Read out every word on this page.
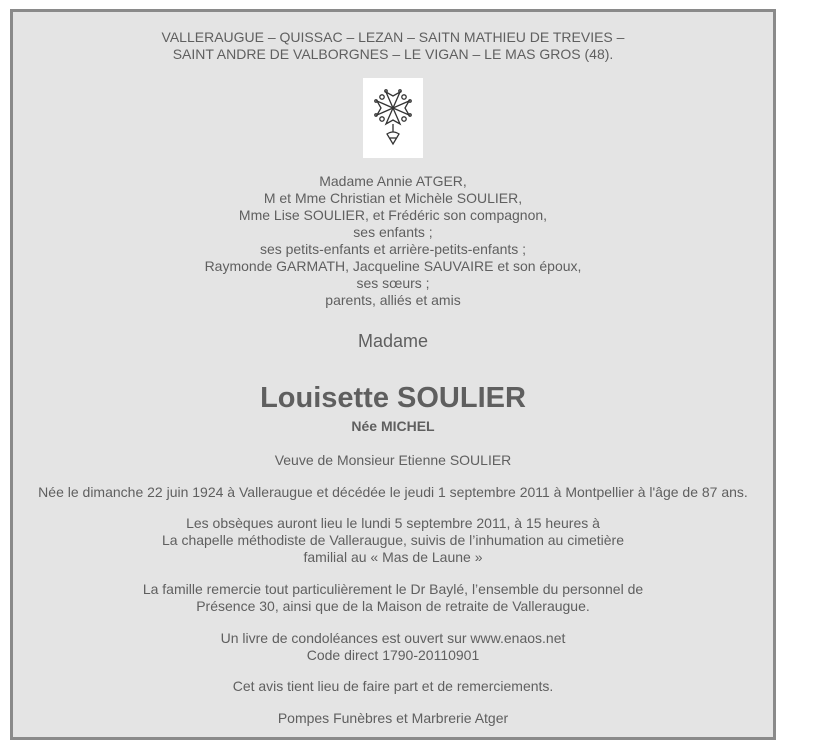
VALLERAUGUE – QUISSAC – LEZAN – SAITN MATHIEU DE TREVIES –
SAINT ANDRE DE VALBORGNES – LE VIGAN – LE MAS GROS (48).
Madame Annie ATGER,
M et Mme Christian et Michèle SOULIER,
Mme Lise SOULIER, et Frédéric son compagnon,
ses enfants ;
ses petits-enfants et arrière-petits-enfants ;
Raymonde GARMATH, Jacqueline SAUVAIRE et son époux,
ses sœurs ;
parents, alliés et amis
Madame
Louisette SOULIER
Née MICHEL
Veuve de Monsieur Etienne SOULIER
Née le dimanche 22 juin 1924 à Valleraugue et décédée le jeudi 1 septembre 2011 à Montpellier à l'âge de 87 ans.
Les obsèques auront lieu le lundi 5 septembre 2011, à 15 heures à
La chapelle méthodiste de Valleraugue, suivis de l’inhumation au cimetière
familial au « Mas de Laune »
La famille remercie tout particulièrement le Dr Baylé, l’ensemble du personnel de
Présence 30, ainsi que de la Maison de retraite de Valleraugue.
Un livre de condoléances est ouvert sur www.enaos.net
Code direct 1790-20110901
Cet avis tient lieu de faire part et de remerciements.
Pompes Funèbres et Marbrerie Atger
